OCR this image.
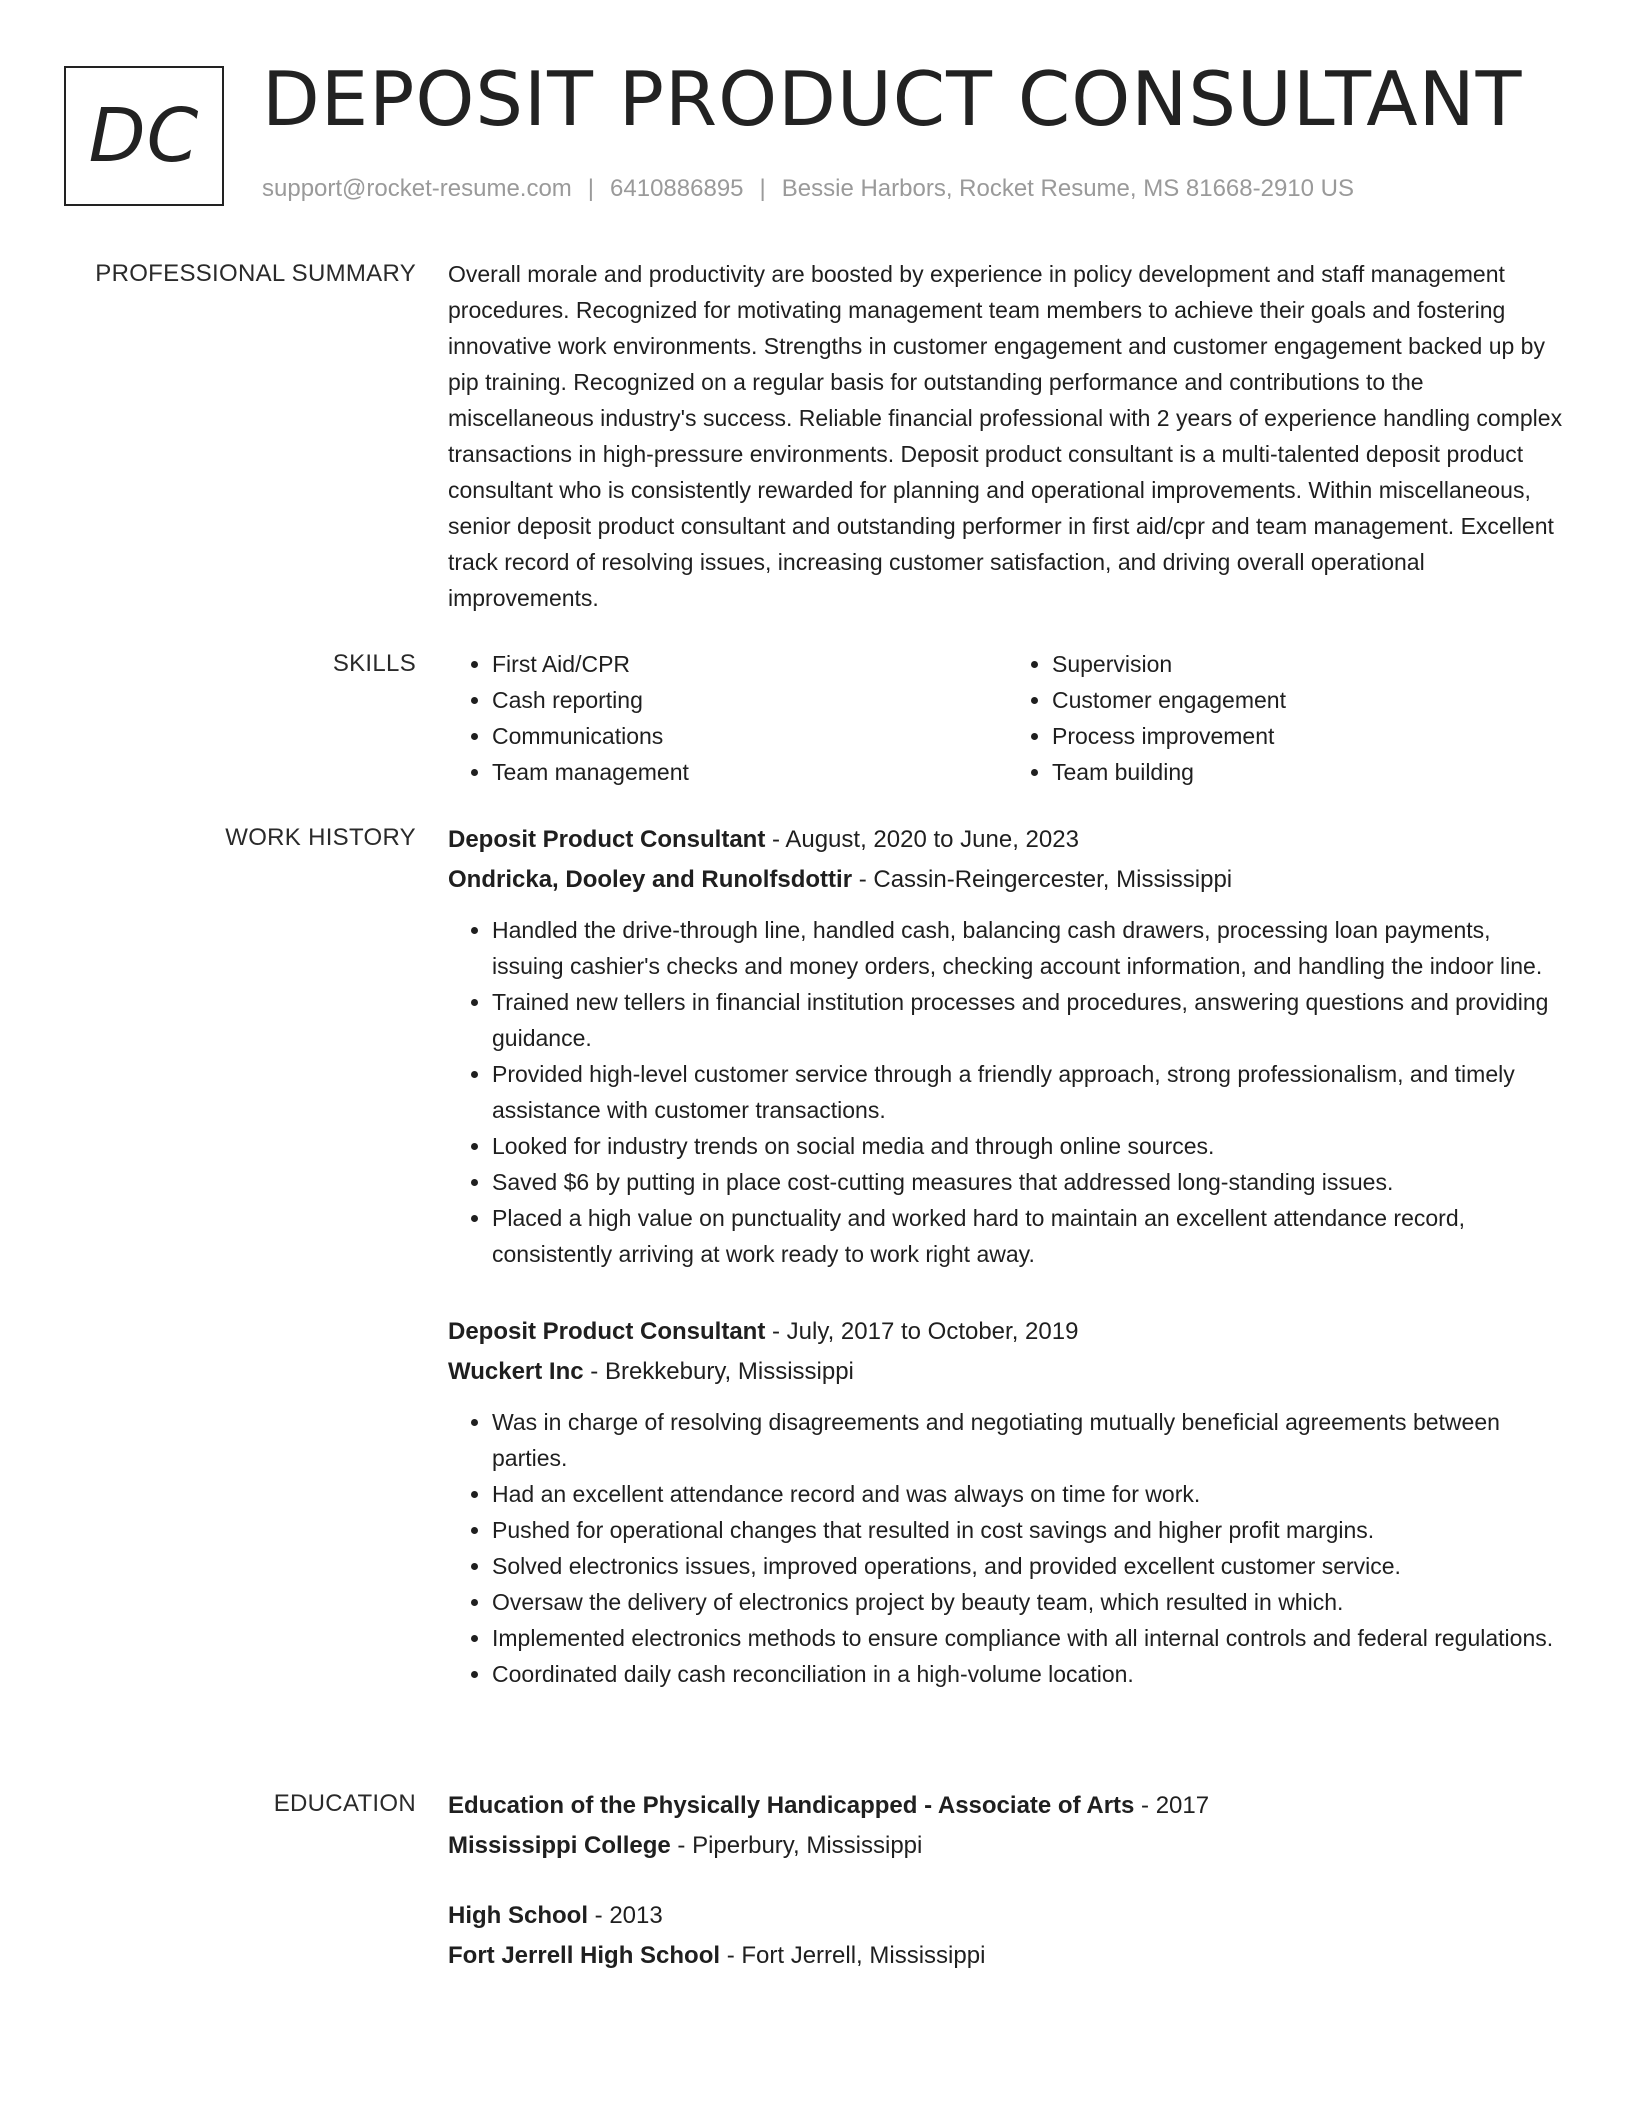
DC DEPOSIT PRODUCT CONSULTANT
support@rocket-resume.com | 6410886895 | Bessie Harbors, Rocket Resume, MS 81668-2910 US
PROFESSIONAL SUMMARY Overall morale and productivity are boosted by experience in policy development and staff management procedures. Recognized for motivating management team members to achieve their goals and fostering innovative work environments. Strengths in customer engagement and customer engagement backed up by pip training. Recognized on a regular basis for outstanding performance and contributions to the miscellaneous industry's success. Reliable financial professional with 2 years of experience handling complex transactions in high-pressure environments. Deposit product consultant is a multi-talented deposit product consultant who is consistently rewarded for planning and operational improvements. Within miscellaneous, senior deposit product consultant and outstanding performer in first aid/cpr and team management. Excellent track record of resolving issues, increasing customer satisfaction, and driving overall operational improvements.

SKILLS
•	First Aid/CPR
• Cash reporting
• Communications
• Team management
• Supervision
• Customer engagement
• Process improvement
• Team building
WORK HISTORY Deposit Product Consultant - August, 2020 to June, 2023
Ondricka, Dooley and Runolfsdottir - Cassin-Reingercester, Mississippi
• Handled the drive-through line, handled cash, balancing cash drawers, processing loan payments, issuing cashier's checks and money orders, checking account information, and handling the indoor line.
• Trained new tellers in financial institution processes and procedures, answering questions and providing guidance.
• Provided high-level customer service through a friendly approach, strong professionalism, and timely assistance with customer transactions.
• Looked for industry trends on social media and through online sources.
• Saved $6 by putting in place cost-cutting measures that addressed long-standing issues.
• Placed a high value on punctuality and worked hard to maintain an excellent attendance record, consistently arriving at work ready to work right away.
Deposit Product Consultant - July, 2017 to October, 2019
Wuckert Inc - Brekkebury, Mississippi
• Was in charge of resolving disagreements and negotiating mutually beneficial agreements between parties.
• Had an excellent attendance record and was always on time for work.
• Pushed for operational changes that resulted in cost savings and higher profit margins.
• Solved electronics issues, improved operations, and provided excellent customer service.
• Oversaw the delivery of electronics project by beauty team, which resulted in which.
• Implemented electronics methods to ensure compliance with all internal controls and federal regulations.
• Coordinated daily cash reconciliation in a high-volume location.
EDUCATION Education of the Physically Handicapped - Associate of Arts - 2017
Mississippi College - Piperbury, Mississippi
High School - 2013
Fort Jerrell High School - Fort Jerrell, Mississippi
